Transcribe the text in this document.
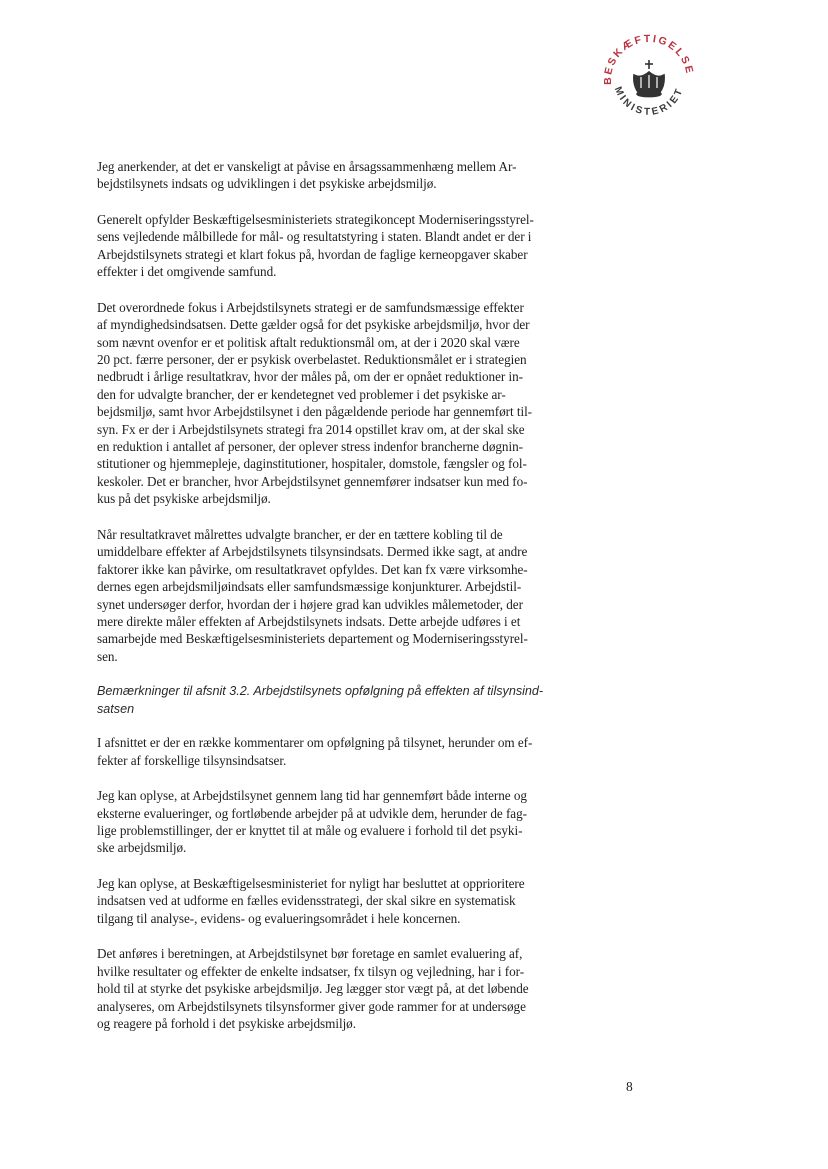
BESKÆFTIGELSE
MINISTERIET

Jeg anerkender, at det er vanskeligt at påvise en årsagssammenhæng mellem Ar-
bejdstilsynets indsats og udviklingen i det psykiske arbejdsmiljø.

Generelt opfylder Beskæftigelsesministeriets strategikoncept Moderniseringsstyrel-
sens vejledende målbillede for mål- og resultatstyring i staten. Blandt andet er der i
Arbejdstilsynets strategi et klart fokus på, hvordan de faglige kerneopgaver skaber
effekter i det omgivende samfund.

Det overordnede fokus i Arbejdstilsynets strategi er de samfundsmæssige effekter
af myndighedsindsatsen. Dette gælder også for det psykiske arbejdsmiljø, hvor der
som nævnt ovenfor er et politisk aftalt reduktionsmål om, at der i 2020 skal være
20 pct. færre personer, der er psykisk overbelastet. Reduktionsmålet er i strategien
nedbrudt i årlige resultatkrav, hvor der måles på, om der er opnået reduktioner in-
den for udvalgte brancher, der er kendetegnet ved problemer i det psykiske ar-
bejdsmiljø, samt hvor Arbejdstilsynet i den pågældende periode har gennemført til-
syn. Fx er der i Arbejdstilsynets strategi fra 2014 opstillet krav om, at der skal ske
en reduktion i antallet af personer, der oplever stress indenfor brancherne døgnin-
stitutioner og hjemmepleje, daginstitutioner, hospitaler, domstole, fængsler og fol-
keskoler. Det er brancher, hvor Arbejdstilsynet gennemfører indsatser kun med fo-
kus på det psykiske arbejdsmiljø.

Når resultatkravet målrettes udvalgte brancher, er der en tættere kobling til de
umiddelbare effekter af Arbejdstilsynets tilsynsindsats. Dermed ikke sagt, at andre
faktorer ikke kan påvirke, om resultatkravet opfyldes. Det kan fx være virksomhe-
dernes egen arbejdsmiljøindsats eller samfundsmæssige konjunkturer. Arbejdstil-
synet undersøger derfor, hvordan der i højere grad kan udvikles målemetoder, der
mere direkte måler effekten af Arbejdstilsynets indsats. Dette arbejde udføres i et
samarbejde med Beskæftigelsesministeriets departement og Moderniseringsstyrel-
sen.

Bemærkninger til afsnit 3.2. Arbejdstilsynets opfølgning på effekten af tilsynsind-
satsen

I afsnittet er der en række kommentarer om opfølgning på tilsynet, herunder om ef-
fekter af forskellige tilsynsindsatser.

Jeg kan oplyse, at Arbejdstilsynet gennem lang tid har gennemført både interne og
eksterne evalueringer, og fortløbende arbejder på at udvikle dem, herunder de fag-
lige problemstillinger, der er knyttet til at måle og evaluere i forhold til det psyki-
ske arbejdsmiljø.

Jeg kan oplyse, at Beskæftigelsesministeriet for nyligt har besluttet at opprioritere
indsatsen ved at udforme en fælles evidensstrategi, der skal sikre en systematisk
tilgang til analyse-, evidens- og evalueringsområdet i hele koncernen.

Det anføres i beretningen, at Arbejdstilsynet bør foretage en samlet evaluering af,
hvilke resultater og effekter de enkelte indsatser, fx tilsyn og vejledning, har i for-
hold til at styrke det psykiske arbejdsmiljø. Jeg lægger stor vægt på, at det løbende
analyseres, om Arbejdstilsynets tilsynsformer giver gode rammer for at undersøge
og reagere på forhold i det psykiske arbejdsmiljø.

8
